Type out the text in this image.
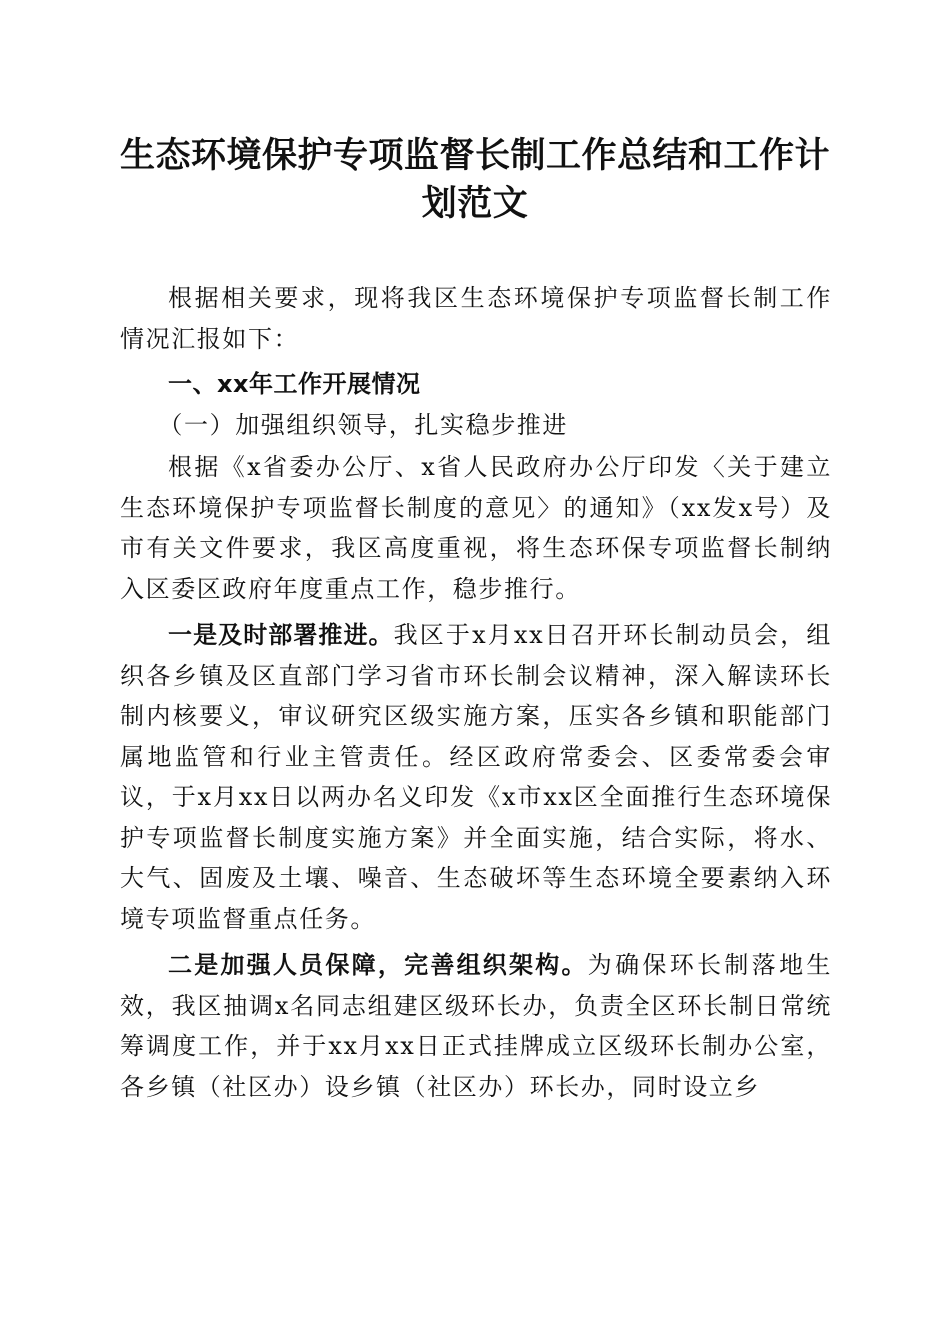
生态环境保护专项监督长制工作总结和工作计
划范文

根据相关要求，现将我区生态环境保护专项监督长制工作情况汇报如下：

一、xx年工作开展情况

（一）加强组织领导，扎实稳步推进

根据《x省委办公厅、x省人民政府办公厅印发〈关于建立生态环境保护专项监督长制度的意见〉的通知》（xx发x号）及市有关文件要求，我区高度重视，将生态环保专项监督长制纳入区委区政府年度重点工作，稳步推行。

一是及时部署推进。我区于x月xx日召开环长制动员会，组织各乡镇及区直部门学习省市环长制会议精神，深入解读环长制内核要义，审议研究区级实施方案，压实各乡镇和职能部门属地监管和行业主管责任。经区政府常委会、区委常委会审议，于x月xx日以两办名义印发《x市xx区全面推行生态环境保护专项监督长制度实施方案》并全面实施，结合实际，将水、大气、固废及土壤、噪音、生态破坏等生态环境全要素纳入环境专项监督重点任务。

二是加强人员保障，完善组织架构。为确保环长制落地生效，我区抽调x名同志组建区级环长办，负责全区环长制日常统筹调度工作，并于xx月xx日正式挂牌成立区级环长制办公室，各乡镇（社区办）设乡镇（社区办）环长办，同时设立乡
